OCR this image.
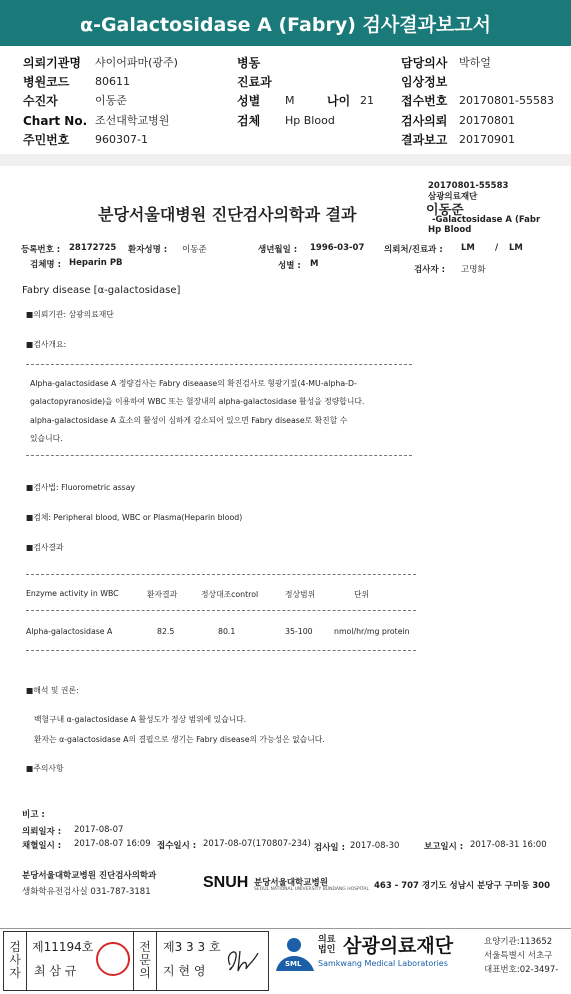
α-Galactosidase A (Fabry) 검사결과보고서
의뢰기관명 샤이어파마(광주)	병동	담당의사 박하얼
병원코드 80611	진료과	임상정보
수진자	이동준	성별 M	나이 21 접수번호 20170801-55583
Chart No. 조선대학교병원	검체 Hp Blood	검사의뢰 20170801
주민번호 960307-1	결과보고 20170901
20170801-55583
삼광의료재단
이동준
-Galactosidase A (Fabr
Hp Blood
분당서울대병원 진단검사의학과 결과
등록번호 : 28172725 환자성명 : 이동준	생년월일 : 1996-03-07 의뢰처/진료과 : LM / LM
검체명 : Heparin PB	성별 : M
검사자 : 고명화
Fabry disease [α-galactosidase]
■의뢰기관: 삼광의료재단
■검사개요:
Alpha-galactosidase A 정량검사는 Fabry diseaase의 확진검사로 형광기질(4-MU-alpha-D-
galactopyranoside)을 이용하여 WBC 또는 혈장내의 alpha-galactosidase 활성을 정량합니다.
alpha-galactosidase A 효소의 활성이 심하게 감소되어 있으면 Fabry disease로 확진할 수
있습니다.
■검사법: Fluorometric assay
■검체: Peripheral blood, WBC or Plasma(Heparin blood)
■검사결과
Enzyme activity in WBC	환자결과	정상대조control	정상범위	단위
Alpha-galactosidase A	82.5	80.1	35-100	nmol/hr/mg protein
■해석 및 권론:
백혈구내 α-galactosidase A 활성도가 정상 범위에 있습니다.
환자는 α-galactosidase A의 결핍으로 생기는 Fabry disease의 가능성은 없습니다.
■주의사항
비고 :
의뢰일자 : 2017-08-07
채혈일시 : 2017-08-07 16:09 접수일시 : 2017-08-07(170807-234) 검사일 : 2017-08-30	보고일시 : 2017-08-31 16:00
분당서울대학교병원 진단검사의학과
생화학유전검사실 031-787-3181
SNUH 분당서울대학교병원
SEOUL NATIONAL UNIVERSITY BUNDANG HOSPITAL 463 - 707 경기도 성남시 분당구 구미동 300
검사자
제11194호
최 삼 규
전문의
제3 3 3 호
지 현 영	SML
의료법인 삼광의료재단
Samkwang Medical Laboratories
요양기관:113652
서울특별시 서초구
대표번호:02-3497-
